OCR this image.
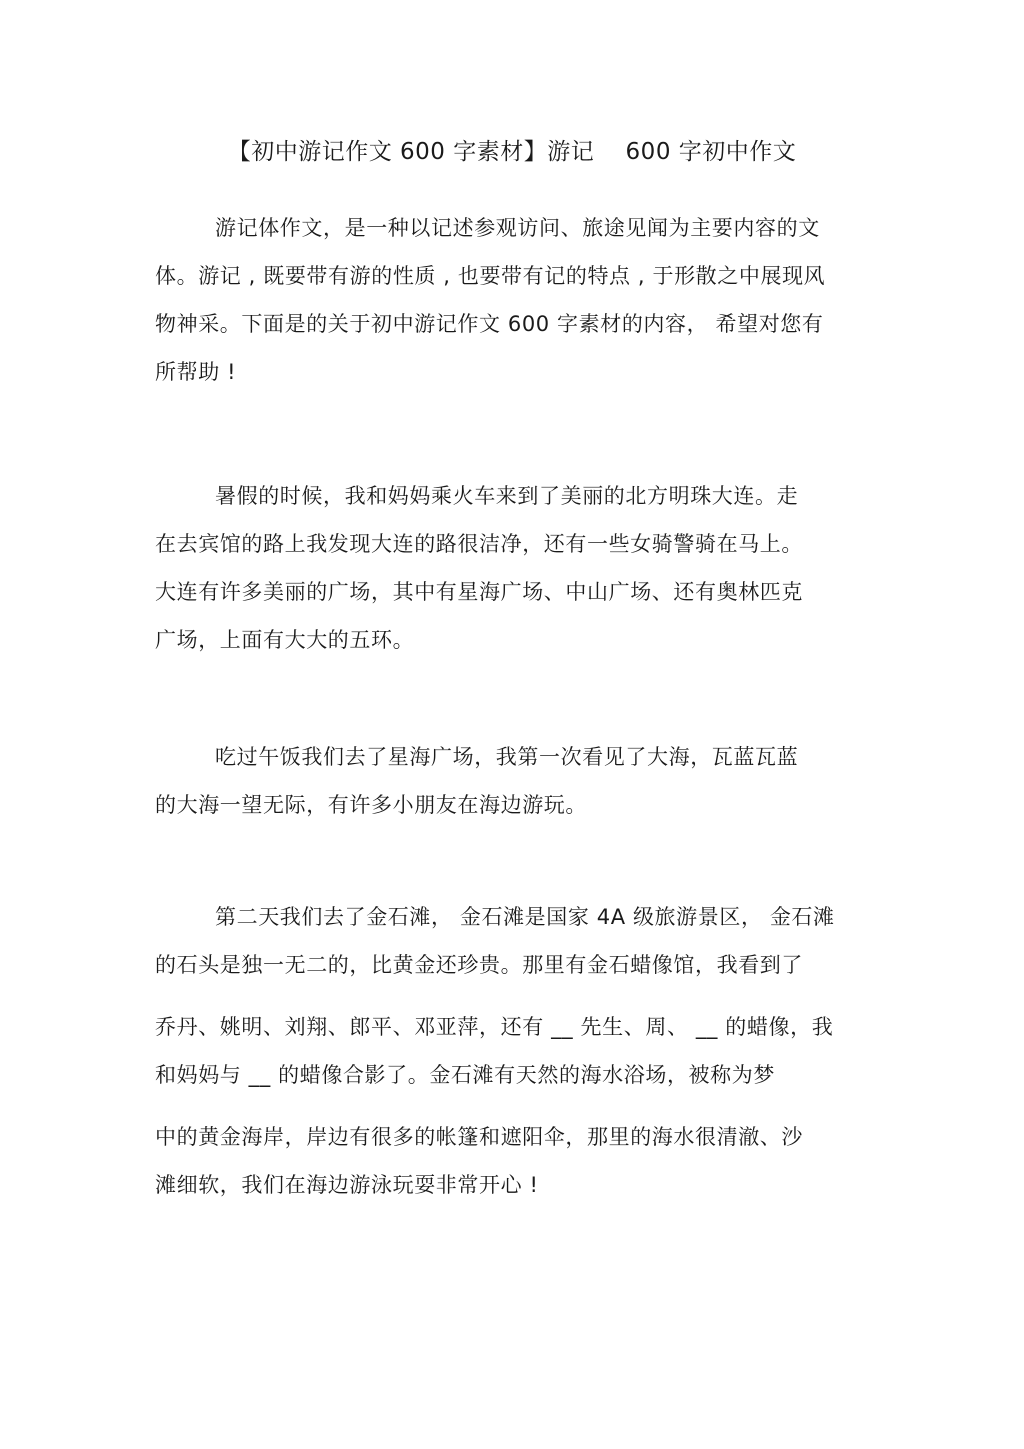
【初中游记作文 600 字素材】游记　 600 字初中作文
游记体作文，是一种以记述参观访问、旅途见闻为主要内容的文
体。游记 , 既要带有游的性质 , 也要带有记的特点 , 于形散之中展现风
物神采。下面是的关于初中游记作文 600 字素材的内容， 希望对您有
所帮助 !
暑假的时候，我和妈妈乘火车来到了美丽的北方明珠大连。走
在去宾馆的路上我发现大连的路很洁净，还有一些女骑警骑在马上。
大连有许多美丽的广场，其中有星海广场、中山广场、还有奥林匹克
广场，上面有大大的五环。
吃过午饭我们去了星海广场，我第一次看见了大海，瓦蓝瓦蓝
的大海一望无际，有许多小朋友在海边游玩。
第二天我们去了金石滩， 金石滩是国家 4A 级旅游景区， 金石滩
的石头是独一无二的，比黄金还珍贵。那里有金石蜡像馆，我看到了
乔丹、姚明、刘翔、郎平、邓亚萍，还有 __ 先生、周、 __ 的蜡像，我
和妈妈与 __ 的蜡像合影了。金石滩有天然的海水浴场，被称为梦
中的黄金海岸，岸边有很多的帐篷和遮阳伞，那里的海水很清澈、沙
滩细软，我们在海边游泳玩耍非常开心 !
